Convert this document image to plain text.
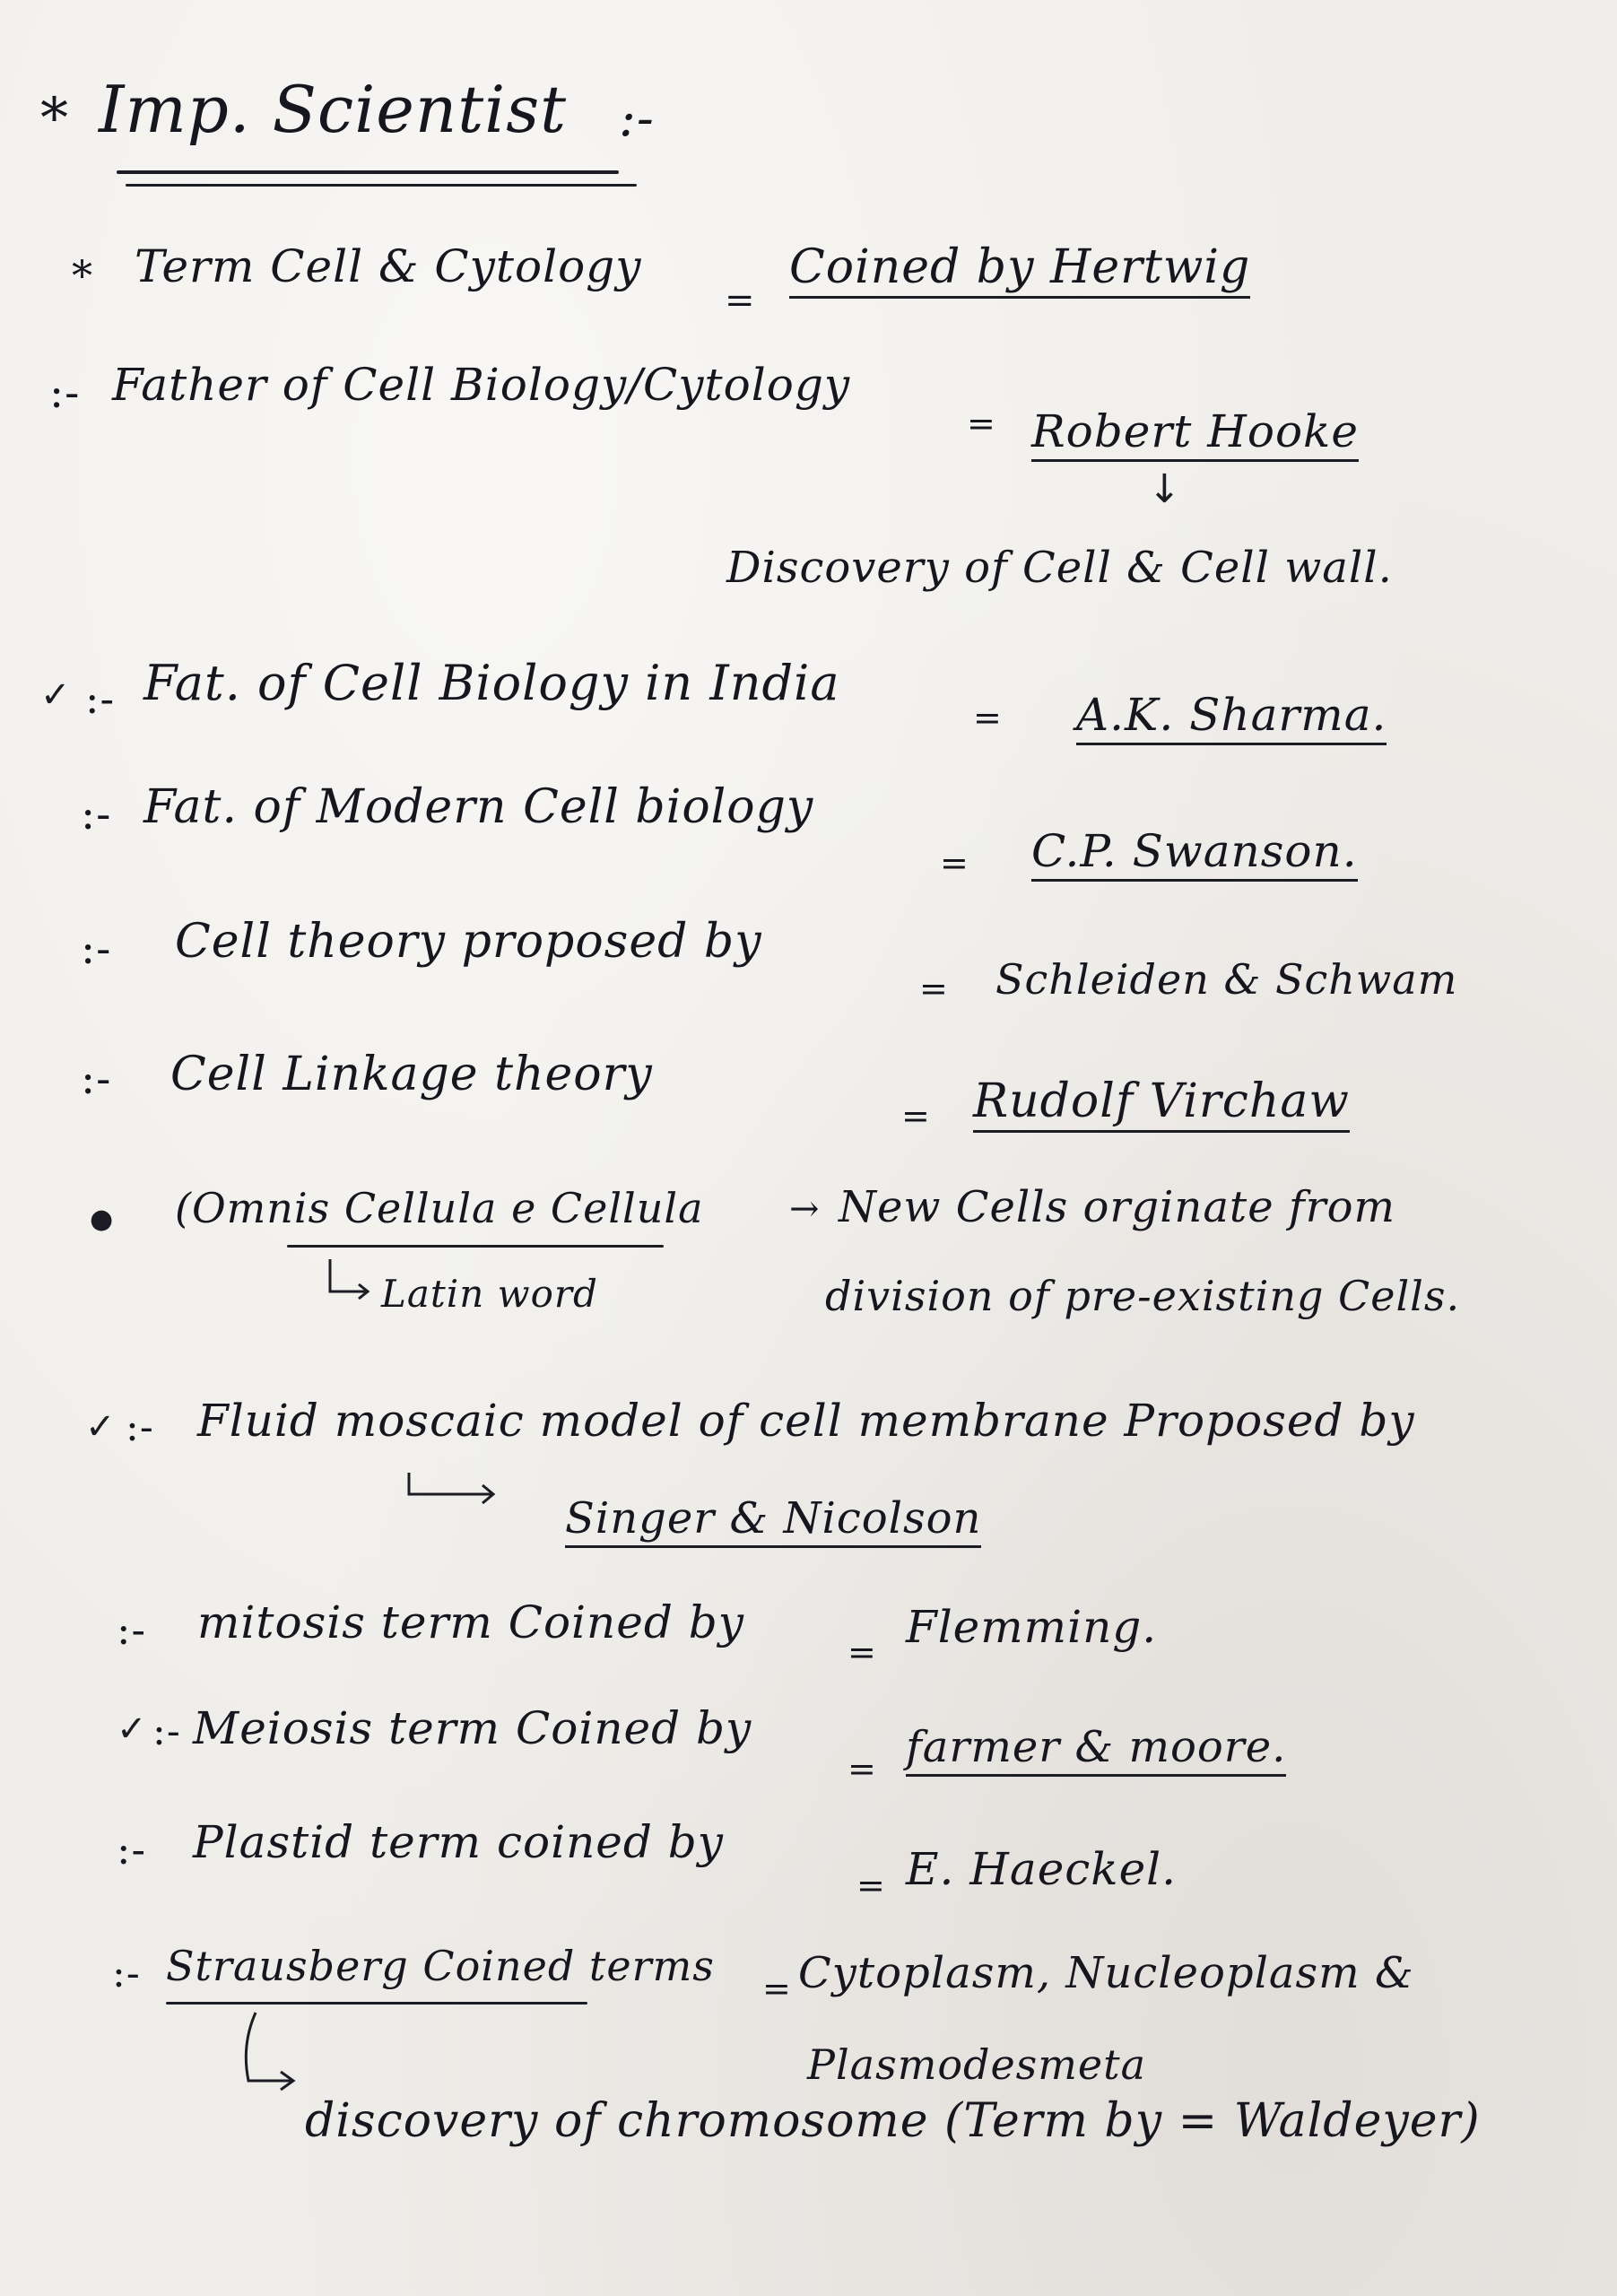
* Imp. Scientist :-
* Term Cell & Cytology
=
Coined by Hertwig
:- Father of Cell Biology/Cytology
= Robert Hooke
↓
Discovery of Cell & Cell wall.
✓ :- Fat. of Cell Biology in India
= A.K. Sharma.
:- Fat. of Modern Cell biology
= C.P. Swanson.
:- Cell theory proposed by
= Schleiden & Schwam
:- Cell Linkage theory
= Rudolf Virchaw
● (Omnis Cellula e Cellula → New Cells orginate from
division of pre-existing Cells.
Latin word
✓ :- Fluid moscaic model of cell membrane Proposed by
Singer & Nicolson
:- mitosis term Coined by
= Flemming.
✓ :- Meiosis term Coined by
= farmer & moore.
:- Plastid term coined by
= E. Haeckel.
:- Strausberg Coined terms = Cytoplasm, Nucleoplasm &
Plasmodesmeta
discovery of chromosome (Term by = Waldeyer)
